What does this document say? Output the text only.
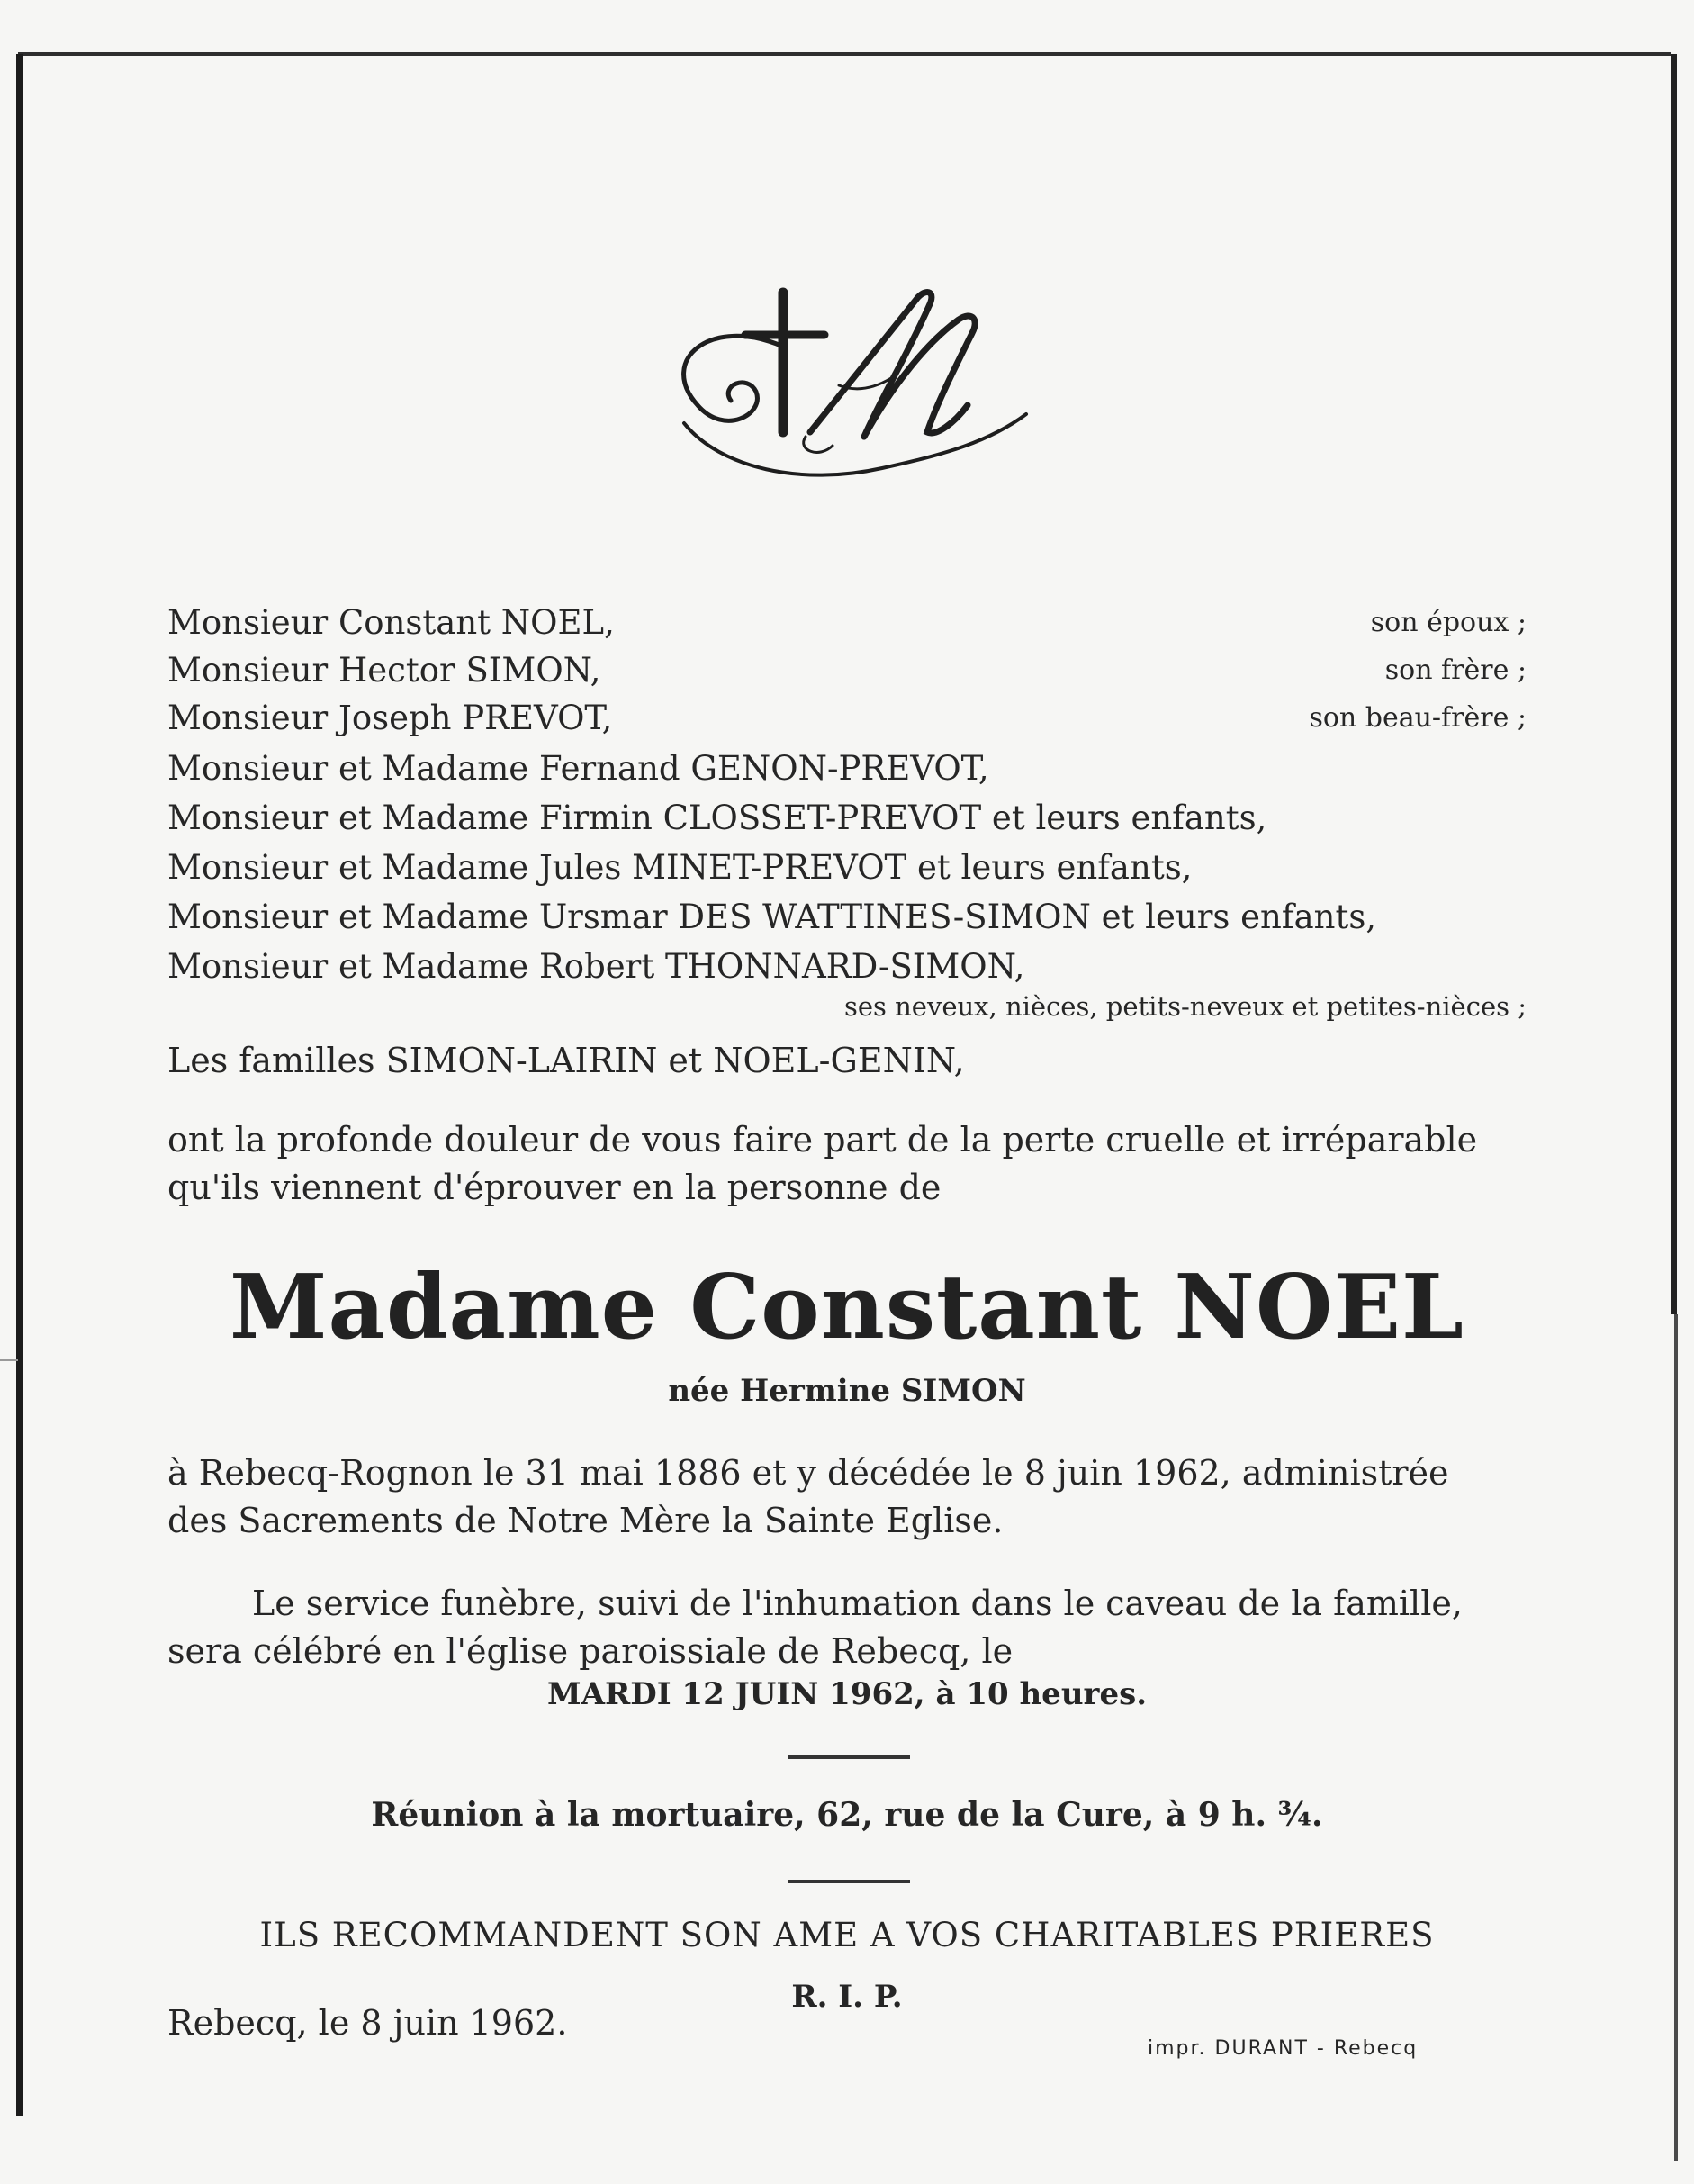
Monsieur Constant NOEL,	son époux ;
Monsieur Hector SIMON,	son frère ;
Monsieur Joseph PREVOT,	son beau-frère ;
Monsieur et Madame Fernand GENON-PREVOT,
Monsieur et Madame Firmin CLOSSET-PREVOT et leurs enfants,
Monsieur et Madame Jules MINET-PREVOT et leurs enfants,
Monsieur et Madame Ursmar DES WATTINES-SIMON et leurs enfants,
Monsieur et Madame Robert THONNARD-SIMON,
ses neveux, nièces, petits-neveux et petites-nièces ;
Les familles SIMON-LAIRIN et NOEL-GENIN,
ont la profonde douleur de vous faire part de la perte cruelle et irréparable
qu'ils viennent d'éprouver en la personne de
Madame Constant NOEL
née Hermine SIMON
à Rebecq-Rognon le 31 mai 1886 et y décédée le 8 juin 1962, administrée
des Sacrements de Notre Mère la Sainte Eglise.
Le service funèbre, suivi de l'inhumation dans le caveau de la famille,
sera célébré en l'église paroissiale de Rebecq, le
MARDI 12 JUIN 1962, à 10 heures.
Réunion à la mortuaire, 62, rue de la Cure, à 9 h. ¾.
ILS RECOMMANDENT SON AME A VOS CHARITABLES PRIERES
R. I. P.
Rebecq, le 8 juin 1962.
impr. DURANT - Rebecq
